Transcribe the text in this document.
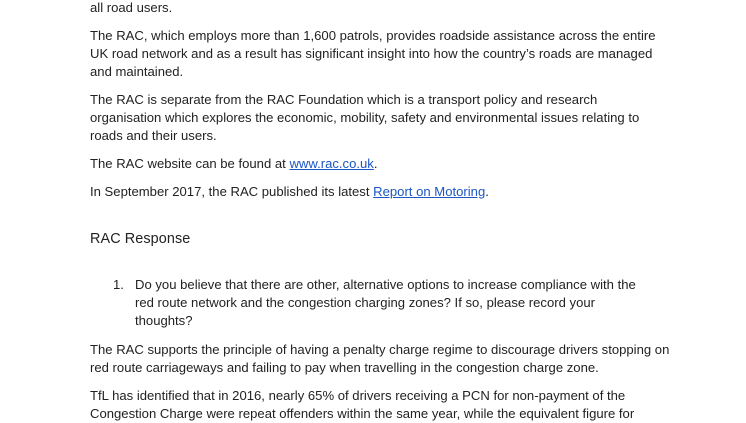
all road users.

The RAC, which employs more than 1,600 patrols, provides roadside assistance across the entire UK road network and as a result has significant insight into how the country’s roads are managed and maintained.

The RAC is separate from the RAC Foundation which is a transport policy and research organisation which explores the economic, mobility, safety and environmental issues relating to roads and their users.

The RAC website can be found at www.rac.co.uk.

In September 2017, the RAC published its latest Report on Motoring.

RAC Response
1. Do you believe that there are other, alternative options to increase compliance with the red route network and the congestion charging zones? If so, please record your thoughts?

The RAC supports the principle of having a penalty charge regime to discourage drivers stopping on red route carriageways and failing to pay when travelling in the congestion charge zone.

TfL has identified that in 2016, nearly 65% of drivers receiving a PCN for non-payment of the Congestion Charge were repeat offenders within the same year, while the equivalent figure for
